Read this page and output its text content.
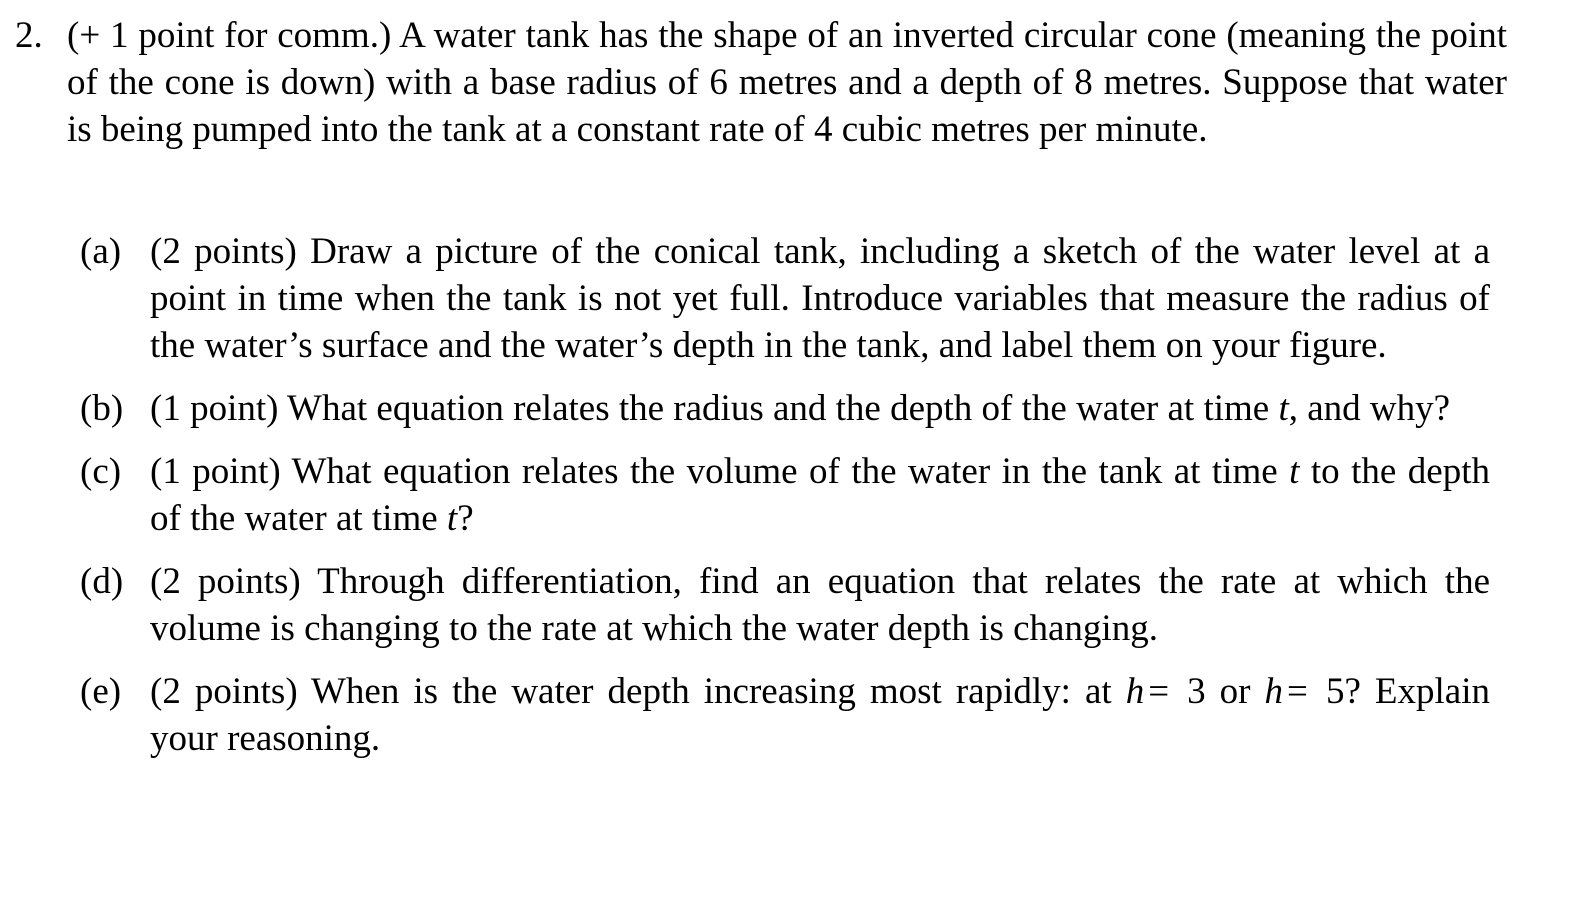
2. (+ 1 point for comm.) A water tank has the shape of an inverted circular cone (meaning the point of the cone is down) with a base radius of 6 metres and a depth of 8 metres. Suppose that water is being pumped into the tank at a constant rate of 4 cubic metres per minute.
(a) (2 points) Draw a picture of the conical tank, including a sketch of the water level at a point in time when the tank is not yet full. Introduce variables that measure the radius of the water’s surface and the water’s depth in the tank, and label them on your figure.
(b) (1 point) What equation relates the radius and the depth of the water at time t, and why?
(c) (1 point) What equation relates the volume of the water in the tank at time t to the depth of the water at time t?
(d) (2 points) Through differentiation, find an equation that relates the rate at which the volume is changing to the rate at which the water depth is changing.
(e) (2 points) When is the water depth increasing most rapidly: at h = 3 or h = 5? Explain your reasoning.
